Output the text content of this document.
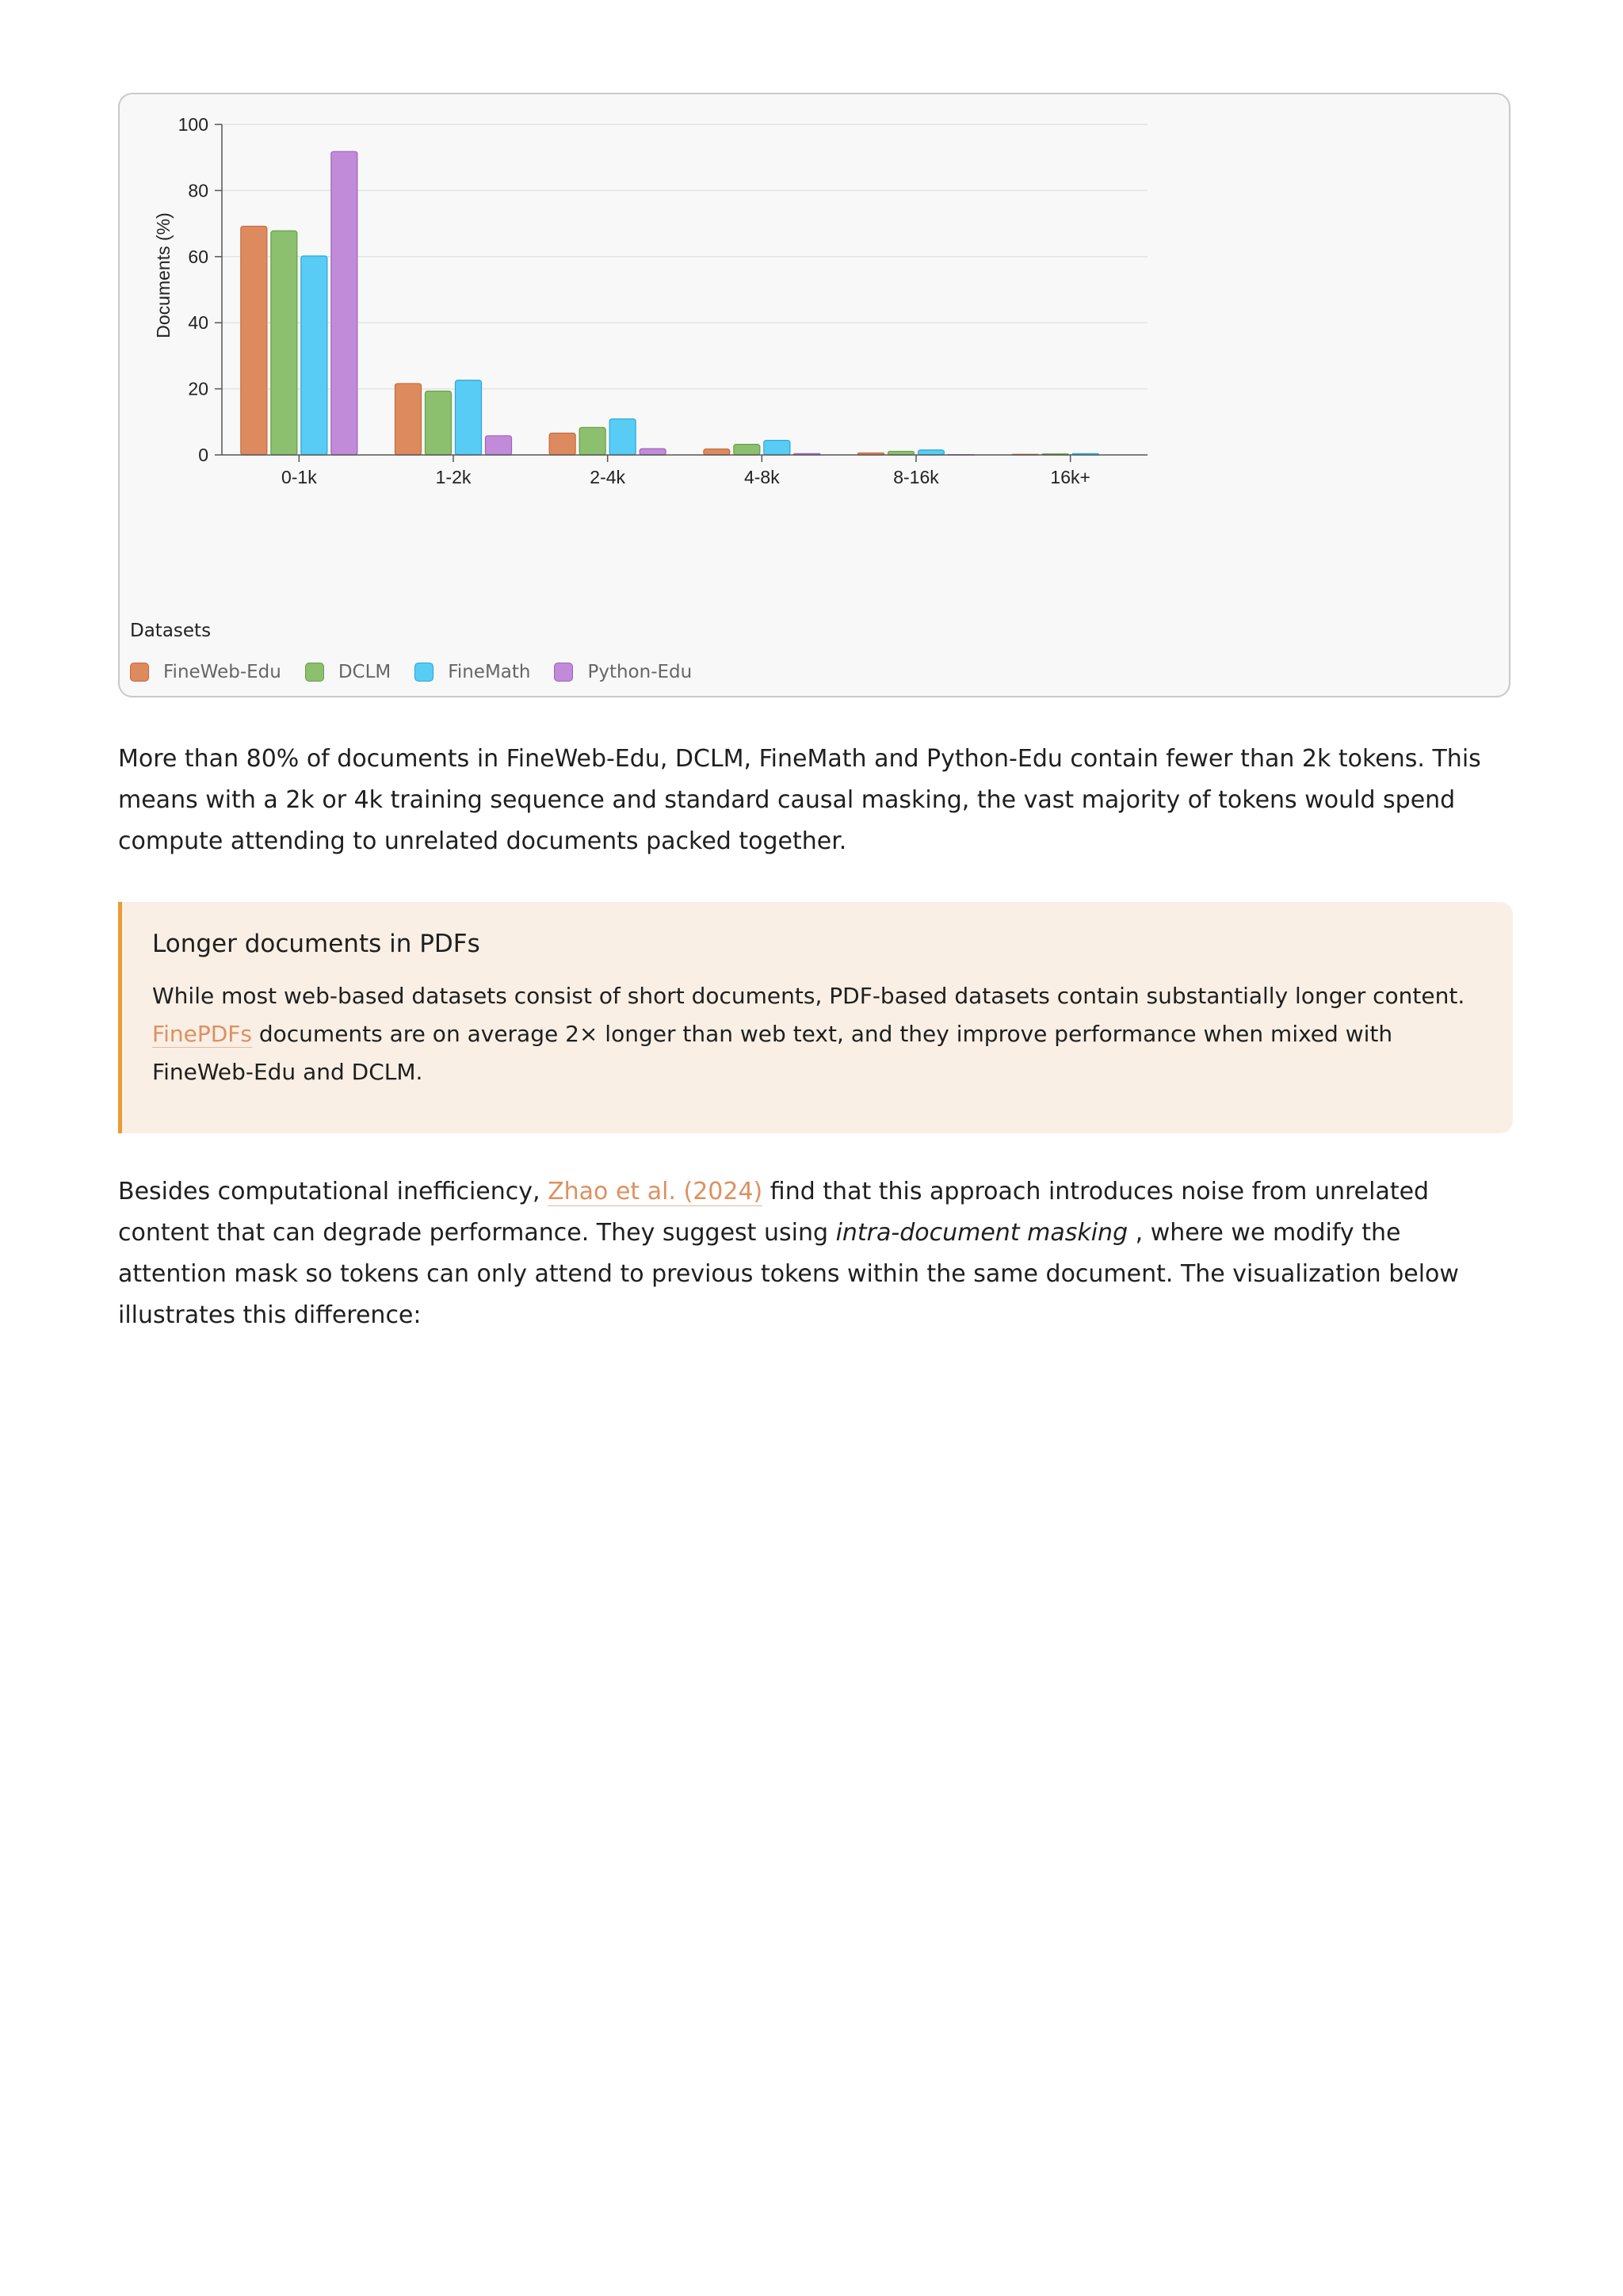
0
20
40
60
80
100
Documents (%)
0-1k	1-2k	2-4k	4-8k	8-16k	16k+
Datasets
FineWeb-Edu	DCLM	FineMath	Python-Edu

More than 80% of documents in FineWeb-Edu, DCLM, FineMath and Python-Edu contain fewer than 2k tokens. This means with a 2k or 4k training sequence and standard causal masking, the vast majority of tokens would spend compute attending to unrelated documents packed together.

Longer documents in PDFs

While most web-based datasets consist of short documents, PDF-based datasets contain substantially longer content.
FinePDFs documents are on average 2× longer than web text, and they improve performance when mixed with FineWeb-Edu and DCLM.

Besides computational inefficiency, Zhao et al. (2024) find that this approach introduces noise from unrelated content that can degrade performance. They suggest using intra-document masking , where we modify the attention mask so tokens can only attend to previous tokens within the same document. The visualization below illustrates this difference:
